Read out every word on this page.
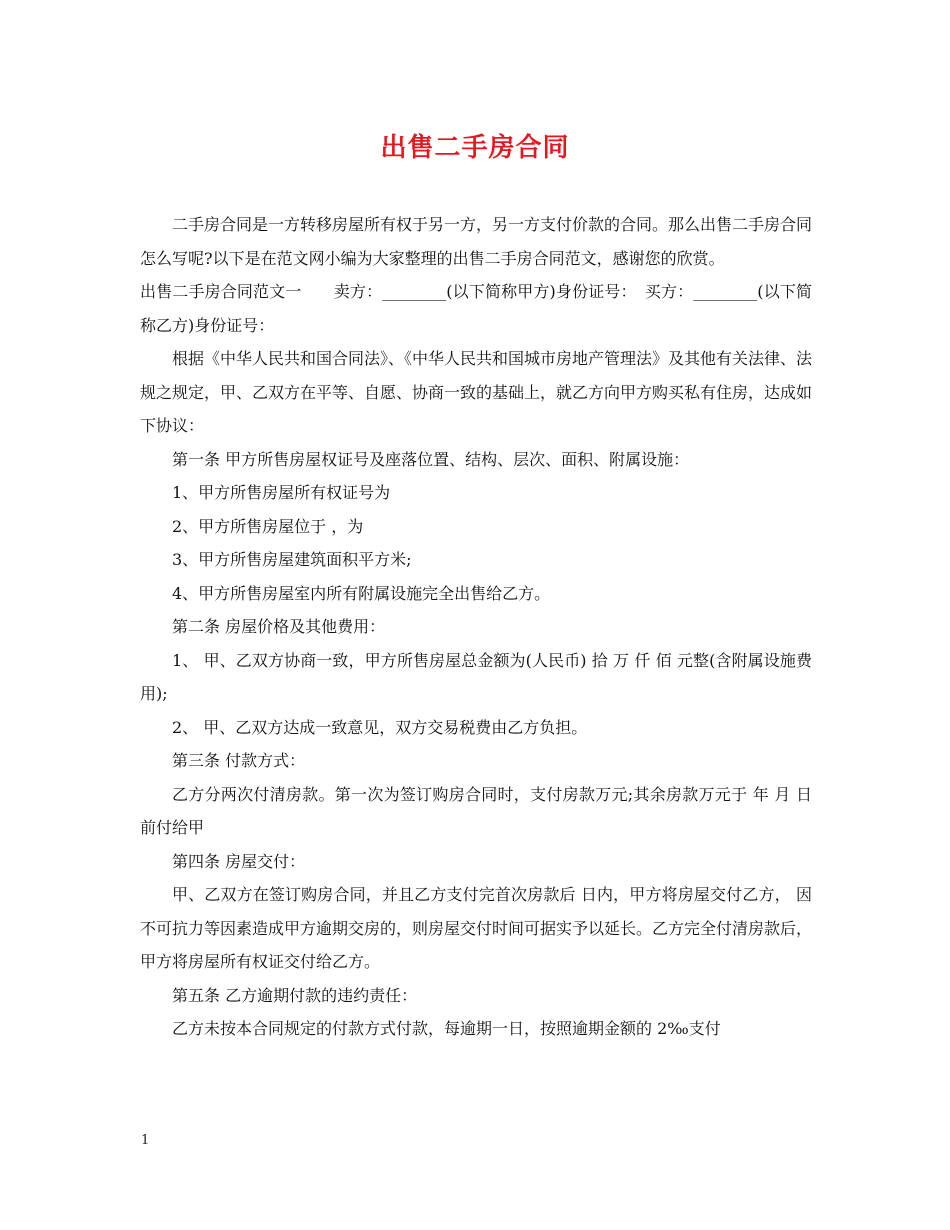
出售二手房合同

二手房合同是一方转移房屋所有权于另一方，另一方支付价款的合同。那么出售二手房合同怎么写呢?以下是在范文网小编为大家整理的出售二手房合同范文，感谢您的欣赏。

出售二手房合同范文一　　卖方：________(以下简称甲方)身份证号：　买方：________(以下简称乙方)身份证号：

根据《中华人民共和国合同法》、《中华人民共和国城市房地产管理法》及其他有关法律、法规之规定，甲、乙双方在平等、自愿、协商一致的基础上，就乙方向甲方购买私有住房，达成如下协议：

第一条 甲方所售房屋权证号及座落位置、结构、层次、面积、附属设施：

1、甲方所售房屋所有权证号为

2、甲方所售房屋位于 ，为

3、甲方所售房屋建筑面积平方米;

4、甲方所售房屋室内所有附属设施完全出售给乙方。

第二条 房屋价格及其他费用：

1、 甲、乙双方协商一致，甲方所售房屋总金额为(人民币) 拾 万 仟 佰 元整(含附属设施费用);

2、 甲、乙双方达成一致意见，双方交易税费由乙方负担。

第三条 付款方式：

乙方分两次付清房款。第一次为签订购房合同时，支付房款万元;其余房款万元于 年 月 日前付给甲

第四条 房屋交付：

甲、乙双方在签订购房合同，并且乙方支付完首次房款后 日内，甲方将房屋交付乙方， 因不可抗力等因素造成甲方逾期交房的，则房屋交付时间可据实予以延长。乙方完全付清房款后，甲方将房屋所有权证交付给乙方。

第五条 乙方逾期付款的违约责任：

乙方未按本合同规定的付款方式付款，每逾期一日，按照逾期金额的 2‰支付

1
